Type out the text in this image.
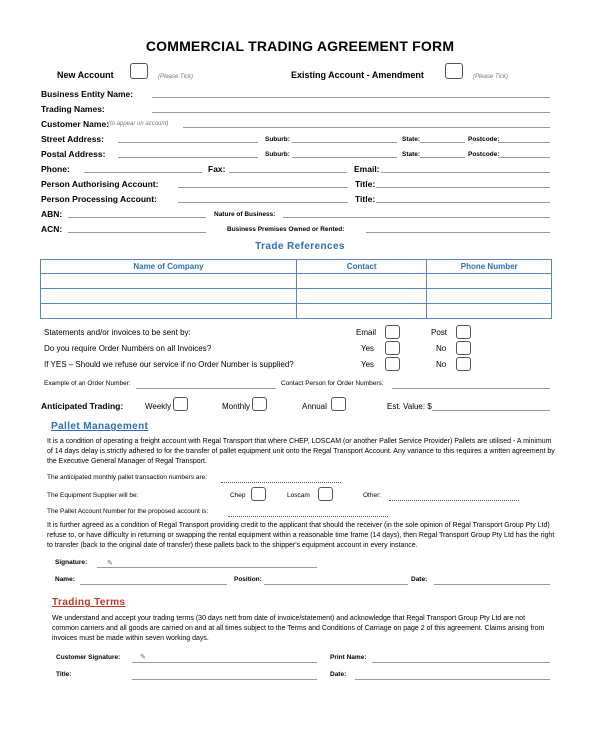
COMMERCIAL TRADING AGREEMENT FORM
New Account	(Please Tick)	Existing Account - Amendment	(Please Tick)
Business Entity Name:
Trading Names:
Customer Name:
(to appear on account)
Street Address:	Suburb:	State:	Postcode:
Postal Address:	Suburb:	State:	Postcode:
Phone:	Fax:	Email:
Person Authorising Account:	Title:
Person Processing Account:	Title:
ABN:	Nature of Business:
ACN:	Business Premises Owned or Rented:
Trade References
Name of Company	Contact	Phone Number

Statements and/or invoices to be sent by:	Email	Post
Do you require Order Numbers on all Invoices?	Yes	No
If YES – Should we refuse our service if no Order Number is supplied?	Yes	No
Example of an Order Number:	Contact Person for Order Numbers:
Anticipated Trading:	Weekly	Monthly	Annual	Est. Value: $
Pallet Management
It is a condition of operating a freight account with Regal Transport that where CHEP, LOSCAM (or another Pallet Service Provider) Pallets are utilised - A minimum of 14 days delay is strictly adhered to for the transfer of pallet equipment unit onto the Regal Transport Account. Any variance to this requires a written agreement by the Executive General Manager of Regal Transport.
The anticipated monthly pallet transaction numbers are:
The Equipment Supplier will be:	Chep	Loscam	Other:
The Pallet Account Number for the proposed account is:
It is further agreed as a condition of Regal Transport providing credit to the applicant that should the receiver (in the sole opinion of Regal Transport Group Pty Ltd) refuse to, or have difficulty in returning or swapping the rental equipment within a reasonable time frame (14 days), then Regal Transport Group Pty Ltd has the right to transfer (back to the original date of transfer) these pallets back to the shipper's equipment account in every instance.
Signature:	✎
Name:	Position:	Date:
Trading Terms
We understand and accept your trading terms (30 days nett from date of invoice/statement) and acknowledge that Regal Transport Group Pty Ltd are not common carriers and all goods are carried on and at all times subject to the Terms and Conditions of Carriage on page 2 of this agreement. Claims arising from invoices must be made within seven working days.
Customer Signature:	✎	Print Name:
Title:	Date:
